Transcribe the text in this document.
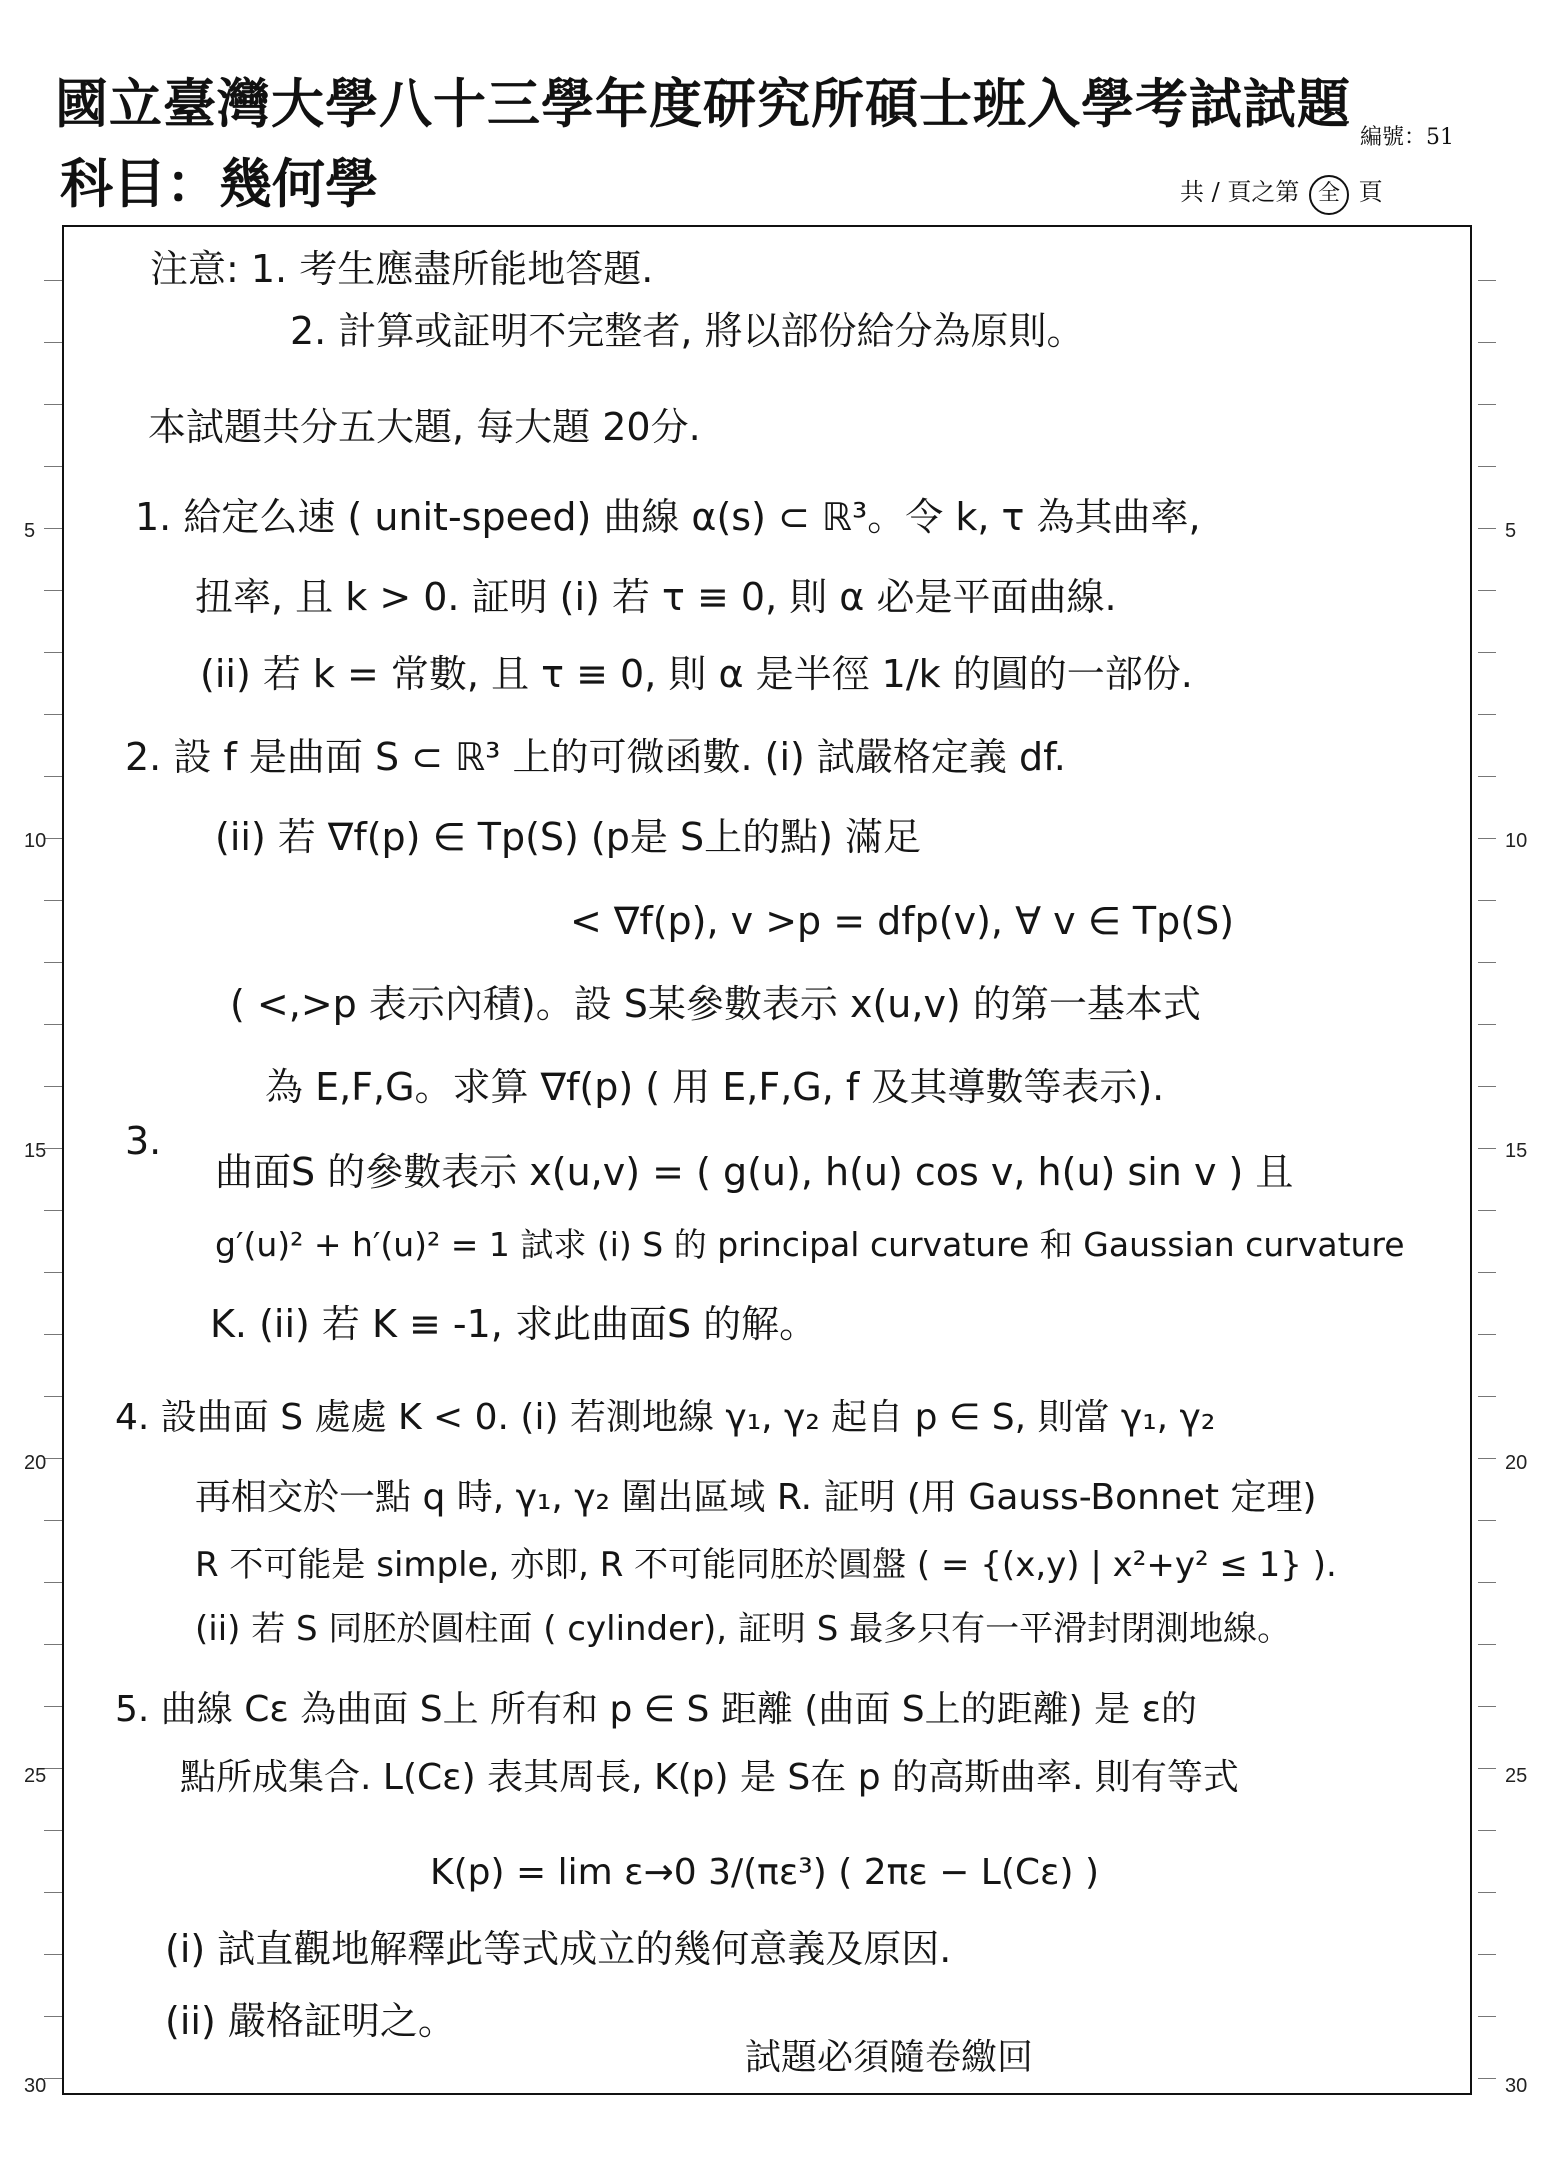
國立臺灣大學八十三學年度研究所碩士班入學考試試題
科目：幾何學
編號：51
共 / 頁之第 全 頁
5	5
10	10
15	15
20	20
25	25
30	30
注意: 1. 考生應盡所能地答題.
2. 計算或証明不完整者, 將以部份給分為原則。
本試題共分五大題, 每大題 20分.
1. 給定么速 ( unit-speed) 曲線 α(s) ⊂ ℝ³。令 k, τ 為其曲率,
扭率, 且 k > 0. 証明 (i) 若 τ ≡ 0, 則 α 必是平面曲線.
(ii) 若 k = 常數, 且 τ ≡ 0, 則 α 是半徑 1/k 的圓的一部份.
2. 設 f 是曲面 S ⊂ ℝ³ 上的可微函數. (i) 試嚴格定義 df.
(ii) 若 ∇f(p) ∈ Tp(S) (p是 S上的點) 滿足
< ∇f(p), v >p = dfp(v), ∀ v ∈ Tp(S)
( <,>p 表示內積)。設 S某參數表示 x(u,v) 的第一基本式
為 E,F,G。求算 ∇f(p) ( 用 E,F,G, f 及其導數等表示).
3.
曲面S 的參數表示 x(u,v) = ( g(u), h(u) cos v, h(u) sin v ) 且
g′(u)² + h′(u)² = 1 試求 (i) S 的 principal curvature 和 Gaussian curvature
K. (ii) 若 K ≡ -1, 求此曲面S 的解。
4. 設曲面 S 處處 K < 0. (i) 若測地線 γ₁, γ₂ 起自 p ∈ S, 則當 γ₁, γ₂
再相交於一點 q 時, γ₁, γ₂ 圍出區域 R. 証明 (用 Gauss-Bonnet 定理)
R 不可能是 simple, 亦即, R 不可能同胚於圓盤 ( = {(x,y) | x²+y² ≤ 1} ).
(ii) 若 S 同胚於圓柱面 ( cylinder), 証明 S 最多只有一平滑封閉測地線。
5. 曲線 Cε 為曲面 S上 所有和 p ∈ S 距離 (曲面 S上的距離) 是 ε的
點所成集合. L(Cε) 表其周長, K(p) 是 S在 p 的高斯曲率. 則有等式
K(p) = lim ε→0 3/(πε³) ( 2πε − L(Cε) )
(i) 試直觀地解釋此等式成立的幾何意義及原因.
(ii) 嚴格証明之。
試題必須隨卷繳回
